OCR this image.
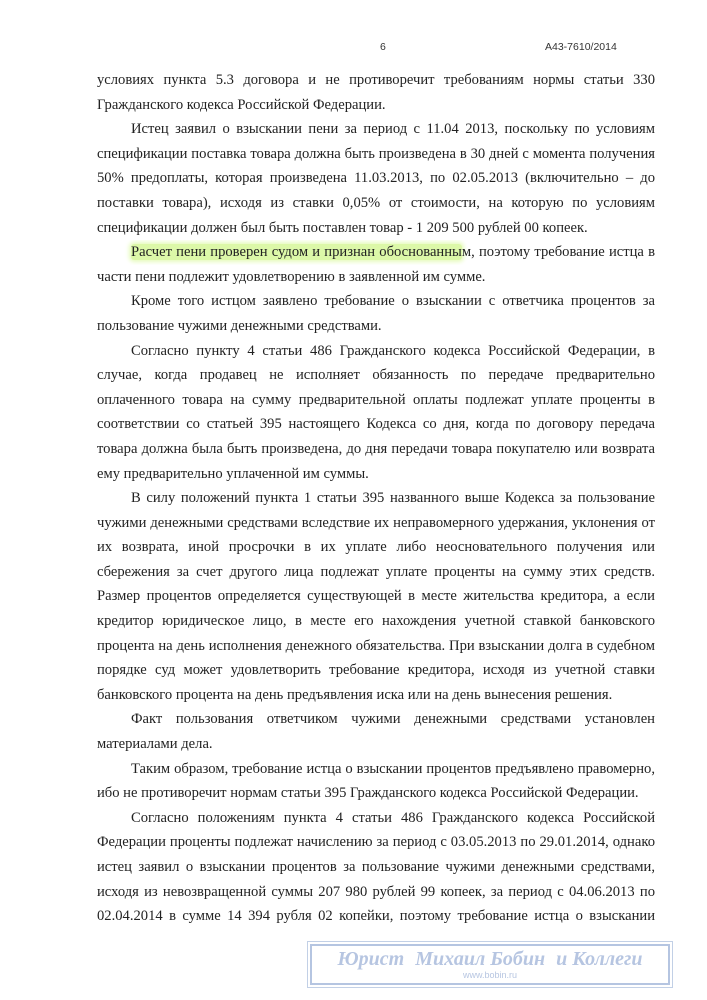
6	А43-7610/2014
условиях пункта 5.3 договора и не противоречит требованиям нормы статьи 330
Гражданского кодекса Российской Федерации.
Истец заявил о взыскании пени за период с 11.04 2013, поскольку по условиям
спецификации поставка товара должна быть произведена в 30 дней с момента получения
50% предоплаты, которая произведена 11.03.2013, по 02.05.2013 (включительно – до
поставки товара), исходя из ставки 0,05% от стоимости, на которую по условиям
спецификации должен был быть поставлен товар - 1 209 500 рублей 00 копеек.
Расчет пени проверен судом и признан обоснованным, поэтому требование истца в
части пени подлежит удовлетворению в заявленной им сумме.
Кроме того истцом заявлено требование о взыскании с ответчика процентов за
пользование чужими денежными средствами.
Согласно пункту 4 статьи 486 Гражданского кодекса Российской Федерации, в
случае, когда продавец не исполняет обязанность по передаче предварительно
оплаченного товара на сумму предварительной оплаты подлежат уплате проценты в
соответствии со статьей 395 настоящего Кодекса со дня, когда по договору передача
товара должна была быть произведена, до дня передачи товара покупателю или возврата
ему предварительно уплаченной им суммы.
В силу положений пункта 1 статьи 395 названного выше Кодекса за пользование
чужими денежными средствами вследствие их неправомерного удержания, уклонения от
их возврата, иной просрочки в их уплате либо неосновательного получения или
сбережения за счет другого лица подлежат уплате проценты на сумму этих средств.
Размер процентов определяется существующей в месте жительства кредитора, а если
кредитор юридическое лицо, в месте его нахождения учетной ставкой банковского
процента на день исполнения денежного обязательства. При взыскании долга в судебном
порядке суд может удовлетворить требование кредитора, исходя из учетной ставки
банковского процента на день предъявления иска или на день вынесения решения.
Факт пользования ответчиком чужими денежными средствами установлен
материалами дела.
Таким образом, требование истца о взыскании процентов предъявлено правомерно,
ибо не противоречит нормам статьи 395 Гражданского кодекса Российской Федерации.
Согласно положениям пункта 4 статьи 486 Гражданского кодекса Российской
Федерации проценты подлежат начислению за период с 03.05.2013 по 29.01.2014, однако
истец заявил о взыскании процентов за пользование чужими денежными средствами,
исходя из невозвращенной суммы 207 980 рублей 99 копеек, за период с 04.06.2013 по
02.04.2014 в сумме 14 394 рубля 02 копейки, поэтому требование истца о взыскании
Юрист Михаил Бобин и Коллеги
www.bobin.ru
